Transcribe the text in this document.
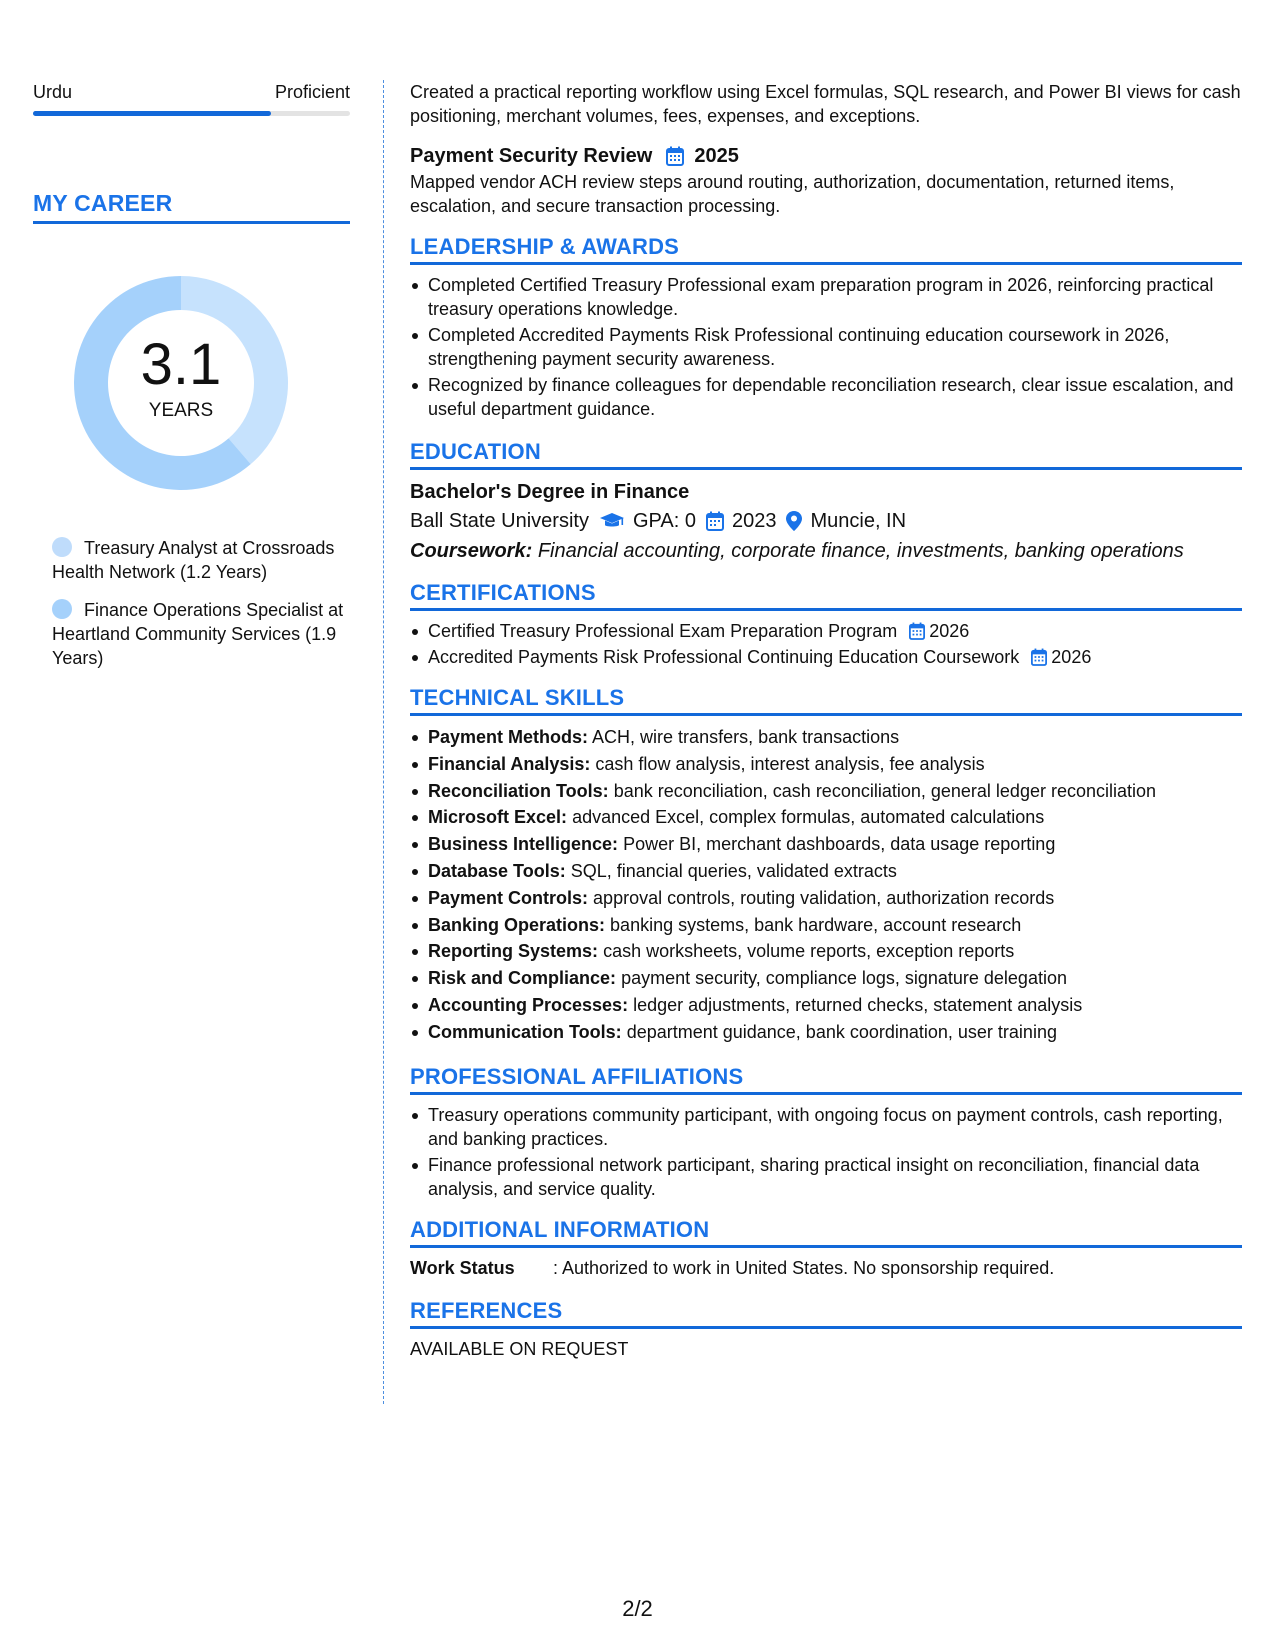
Urdu	Proficient
MY CAREER
3.1
YEARS
Treasury Analyst at Crossroads Health Network (1.2 Years)
Finance Operations Specialist at Heartland Community Services (1.9 Years)

Created a practical reporting workflow using Excel formulas, SQL research, and Power BI views for cash positioning, merchant volumes, fees, expenses, and exceptions.

Payment Security Review 2025

Mapped vendor ACH review steps around routing, authorization, documentation, returned items, escalation, and secure transaction processing.

LEADERSHIP & AWARDS
Completed Certified Treasury Professional exam preparation program in 2026, reinforcing practical treasury operations knowledge.
Completed Accredited Payments Risk Professional continuing education coursework in 2026, strengthening payment security awareness.
Recognized by finance colleagues for dependable reconciliation research, clear issue escalation, and useful department guidance.
EDUCATION
Bachelor's Degree in Finance
Ball State University GPA: 0 2023 Muncie, IN
Coursework: Financial accounting, corporate finance, investments, banking operations
CERTIFICATIONS
Certified Treasury Professional Exam Preparation Program 2026
Accredited Payments Risk Professional Continuing Education Coursework 2026
TECHNICAL SKILLS
Payment Methods: ACH, wire transfers, bank transactions
Financial Analysis: cash flow analysis, interest analysis, fee analysis
Reconciliation Tools: bank reconciliation, cash reconciliation, general ledger reconciliation
Microsoft Excel: advanced Excel, complex formulas, automated calculations
Business Intelligence: Power BI, merchant dashboards, data usage reporting
Database Tools: SQL, financial queries, validated extracts
Payment Controls: approval controls, routing validation, authorization records
Banking Operations: banking systems, bank hardware, account research
Reporting Systems: cash worksheets, volume reports, exception reports
Risk and Compliance: payment security, compliance logs, signature delegation
Accounting Processes: ledger adjustments, returned checks, statement analysis
Communication Tools: department guidance, bank coordination, user training
PROFESSIONAL AFFILIATIONS
Treasury operations community participant, with ongoing focus on payment controls, cash reporting, and banking practices.
Finance professional network participant, sharing practical insight on reconciliation, financial data analysis, and service quality.
ADDITIONAL INFORMATION
Work Status	: Authorized to work in United States. No sponsorship required.
REFERENCES

AVAILABLE ON REQUEST

2/2
